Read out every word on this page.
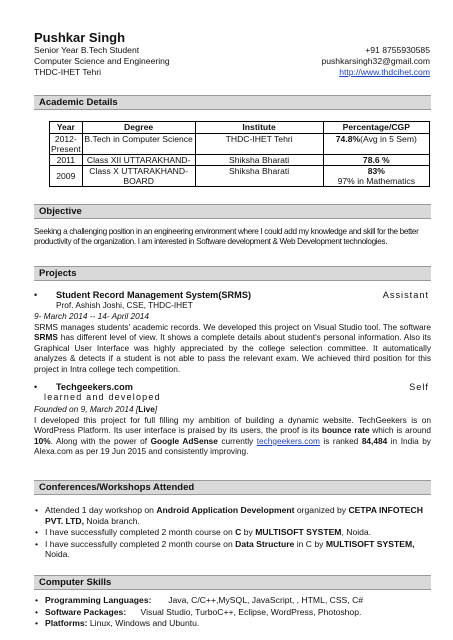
Pushkar Singh
Senior Year B.Tech Student
Computer Science and Engineering
THDC-IHET Tehri
+91 8755930585
pushkarsingh32@gmail.com
http://www.thdcihet.com
Academic Details
Year	Degree	Institute	Percentage/CGP
2012-Present	B.Tech in Computer Science	THDC-IHET Tehri	74.8%(Avg in 5 Sem)
2011	Class XII UTTARAKHAND-	Shiksha Bharati	78.6 %
2009	Class X UTTARAKHAND-BOARD	Shiksha Bharati	83%
97% in Mathematics
Objective
Seeking a challenging position in an engineering environment where I could add my knowledge and skill for the better productivity of the organization. I am interested in Software development & Web Development technologies.
Projects
•	Student Record Management System(SRMS)
Prof. Ashish Joshi, CSE, THDC-IHET
Assistant
9- March 2014 -- 14- April 2014
SRMS manages students' academic records. We developed this project on Visual Studio tool. The software SRMS has different level of view. It shows a complete details about student's personal information. Also its Graphical User Interface was highly appreciated by the college selection committee. It automatically analyzes & detects if a student is not able to pass the relevant exam. We achieved third position for this project in Intra college tech competition.
•	Techgeekers.com	Self
learned and developed
Founded on 9, March 2014 [Live]
I developed this project for full filling my ambition of building a dynamic website. TechGeekers is on WordPress Platform. Its user interface is praised by its users, the proof is its bounce rate which is around 10%. Along with the power of Google AdSense currently techgeekers.com is ranked 84,484 in India by Alexa.com as per 19 Jun 2015 and consistently improving.
Conferences/Workshops Attended
• Attended 1 day workshop on Android Application Development organized by CETPA INFOTECH PVT. LTD, Noida branch.
• I have successfully completed 2 month course on C by MULTISOFT SYSTEM, Noida.
• I have successfully completed 2 month course on Data Structure in C by MULTISOFT SYSTEM, Noida.
Computer Skills
• Programming Languages: Java, C/C++,MySQL, JavaScript, , HTML, CSS, C#
• Software Packages: Visual Studio, TurboC++, Eclipse, WordPress, Photoshop.
• Platforms: Linux, Windows and Ubuntu.
